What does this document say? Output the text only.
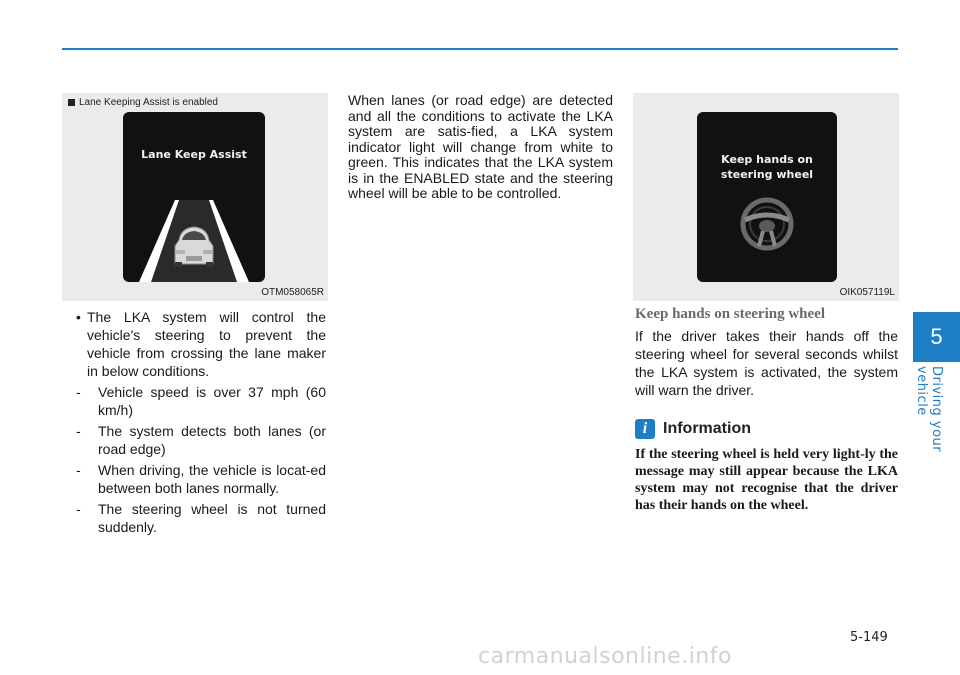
5
Driving your vehicle
Lane Keeping Assist is enabled
Lane Keep Assist
OTM058065R
Keep hands on
steering wheel
OIK057119L
When lanes (or road edge) are detected and all the conditions to activate the LKA system are satis-fied, a LKA system indicator light will change from white to green. This indicates that the LKA system is in the ENABLED state and the steering wheel will be able to be controlled.
• The LKA system will control the vehicle's steering to prevent the vehicle from crossing the lane maker in below conditions.
-	Vehicle speed is over 37 mph (60 km/h)
-	The system detects both lanes (or road edge)
-	When driving, the vehicle is locat-ed between both lanes normally.
-	The steering wheel is not turned suddenly.
Keep hands on steering wheel
If the driver takes their hands off the steering wheel for several seconds whilst the LKA system is activated, the system will warn the driver.
i Information
If the steering wheel is held very light-ly the message may still appear because the LKA system may not recognise that the driver has their hands on the wheel.
5-149
carmanualsonline.info
